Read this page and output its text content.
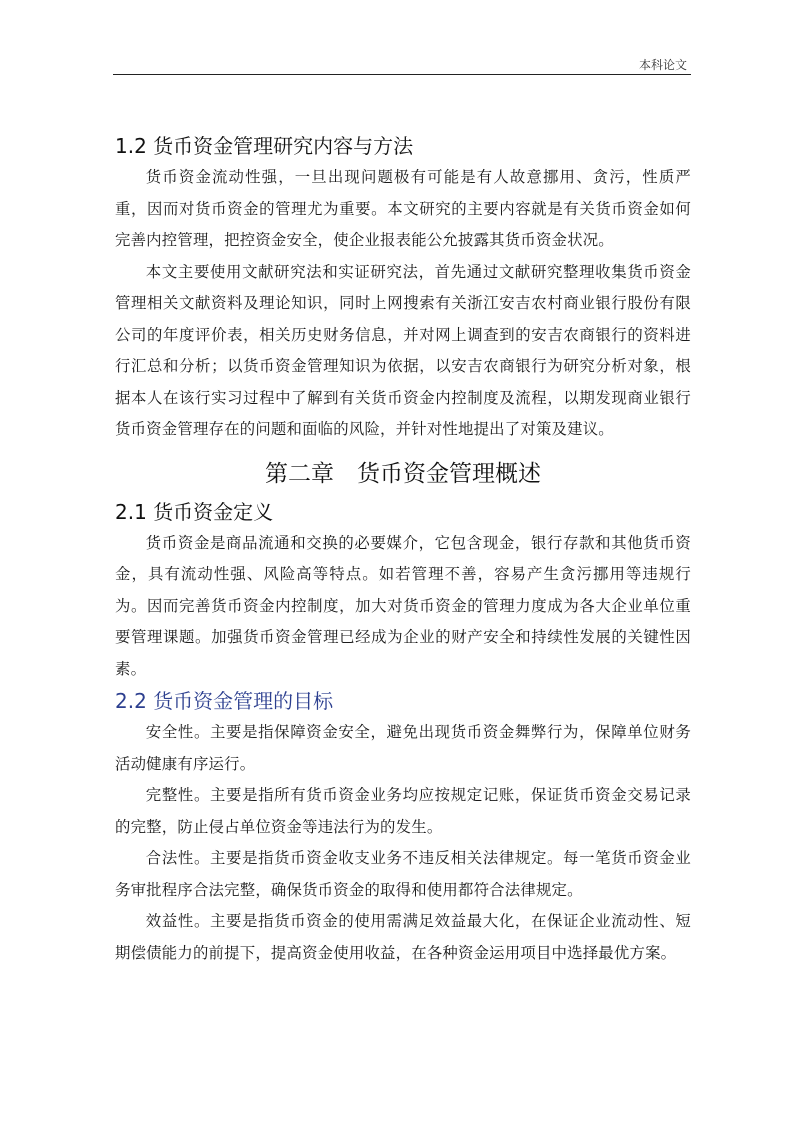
本科论文
1.2 货币资金管理研究内容与方法

货币资金流动性强，一旦出现问题极有可能是有人故意挪用、贪污，性质严重，因而对货币资金的管理尤为重要。本文研究的主要内容就是有关货币资金如何完善内控管理，把控资金安全，使企业报表能公允披露其货币资金状况。

本文主要使用文献研究法和实证研究法，首先通过文献研究整理收集货币资金管理相关文献资料及理论知识，同时上网搜索有关浙江安吉农村商业银行股份有限公司的年度评价表，相关历史财务信息，并对网上调查到的安吉农商银行的资料进行汇总和分析；以货币资金管理知识为依据，以安吉农商银行为研究分析对象，根据本人在该行实习过程中了解到有关货币资金内控制度及流程，以期发现商业银行货币资金管理存在的问题和面临的风险，并针对性地提出了对策及建议。

第二章　货币资金管理概述
2.1 货币资金定义

货币资金是商品流通和交换的必要媒介，它包含现金，银行存款和其他货币资金，具有流动性强、风险高等特点。如若管理不善，容易产生贪污挪用等违规行为。因而完善货币资金内控制度，加大对货币资金的管理力度成为各大企业单位重要管理课题。加强货币资金管理已经成为企业的财产安全和持续性发展的关键性因素。

2.2 货币资金管理的目标

安全性。主要是指保障资金安全，避免出现货币资金舞弊行为，保障单位财务活动健康有序运行。

完整性。主要是指所有货币资金业务均应按规定记账，保证货币资金交易记录的完整，防止侵占单位资金等违法行为的发生。

合法性。主要是指货币资金收支业务不违反相关法律规定。每一笔货币资金业务审批程序合法完整，确保货币资金的取得和使用都符合法律规定。

效益性。主要是指货币资金的使用需满足效益最大化，在保证企业流动性、短期偿债能力的前提下，提高资金使用收益，在各种资金运用项目中选择最优方案。
